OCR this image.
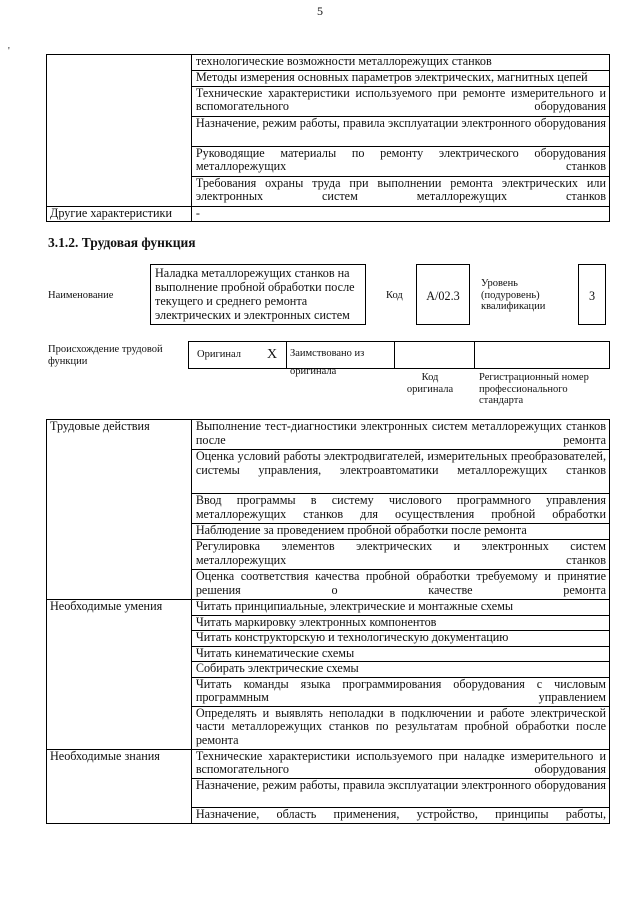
5
'
	технологические возможности металлорежущих станков
	Методы измерения основных параметров электрических, магнитных цепей
	Технические характеристики используемого при ремонте измерительного и вспомогательного оборудования
	Назначение, режим работы, правила эксплуатации электронного оборудования
	Руководящие материалы по ремонту электрического оборудования металлорежущих станков
	Требования охраны труда при выполнении ремонта электрических или электронных систем металлорежущих станков
Другие характеристики	-
3.1.2. Трудовая функция
Наименование
Наладка металлорежущих станков на выполнение пробной обработки после текущего и среднего ремонта электрических и электронных систем
Код	А/02.3
Уровень (подуровень) квалификации
3
Происхождение трудовой функции
Оригинал Х	Заимствовано из оригинала
Код оригинала
Регистрационный номер профессионального стандарта
Трудовые действия	Выполнение тест-диагностики электронных систем металлорежущих станков после ремонта
	Оценка условий работы электродвигателей, измерительных преобразователей, системы управления, электроавтоматики металлорежущих станков
	Ввод программы в систему числового программного управления металлорежущих станков для осуществления пробной обработки
	Наблюдение за проведением пробной обработки после ремонта
	Регулировка элементов электрических и электронных систем металлорежущих станков
	Оценка соответствия качества пробной обработки требуемому и принятие решения о качестве ремонта
Необходимые умения	Читать принципиальные, электрические и монтажные схемы
	Читать маркировку электронных компонентов
	Читать конструкторскую и технологическую документацию
	Читать кинематические схемы
	Собирать электрические схемы
	Читать команды языка программирования оборудования с числовым программным управлением
	Определять и выявлять неполадки в подключении и работе электрической части металлорежущих станков по результатам пробной обработки после ремонта
Необходимые знания	Технические характеристики используемого при наладке измерительного и вспомогательного оборудования
	Назначение, режим работы, правила эксплуатации электронного оборудования
	Назначение, область применения, устройство, принципы работы,
